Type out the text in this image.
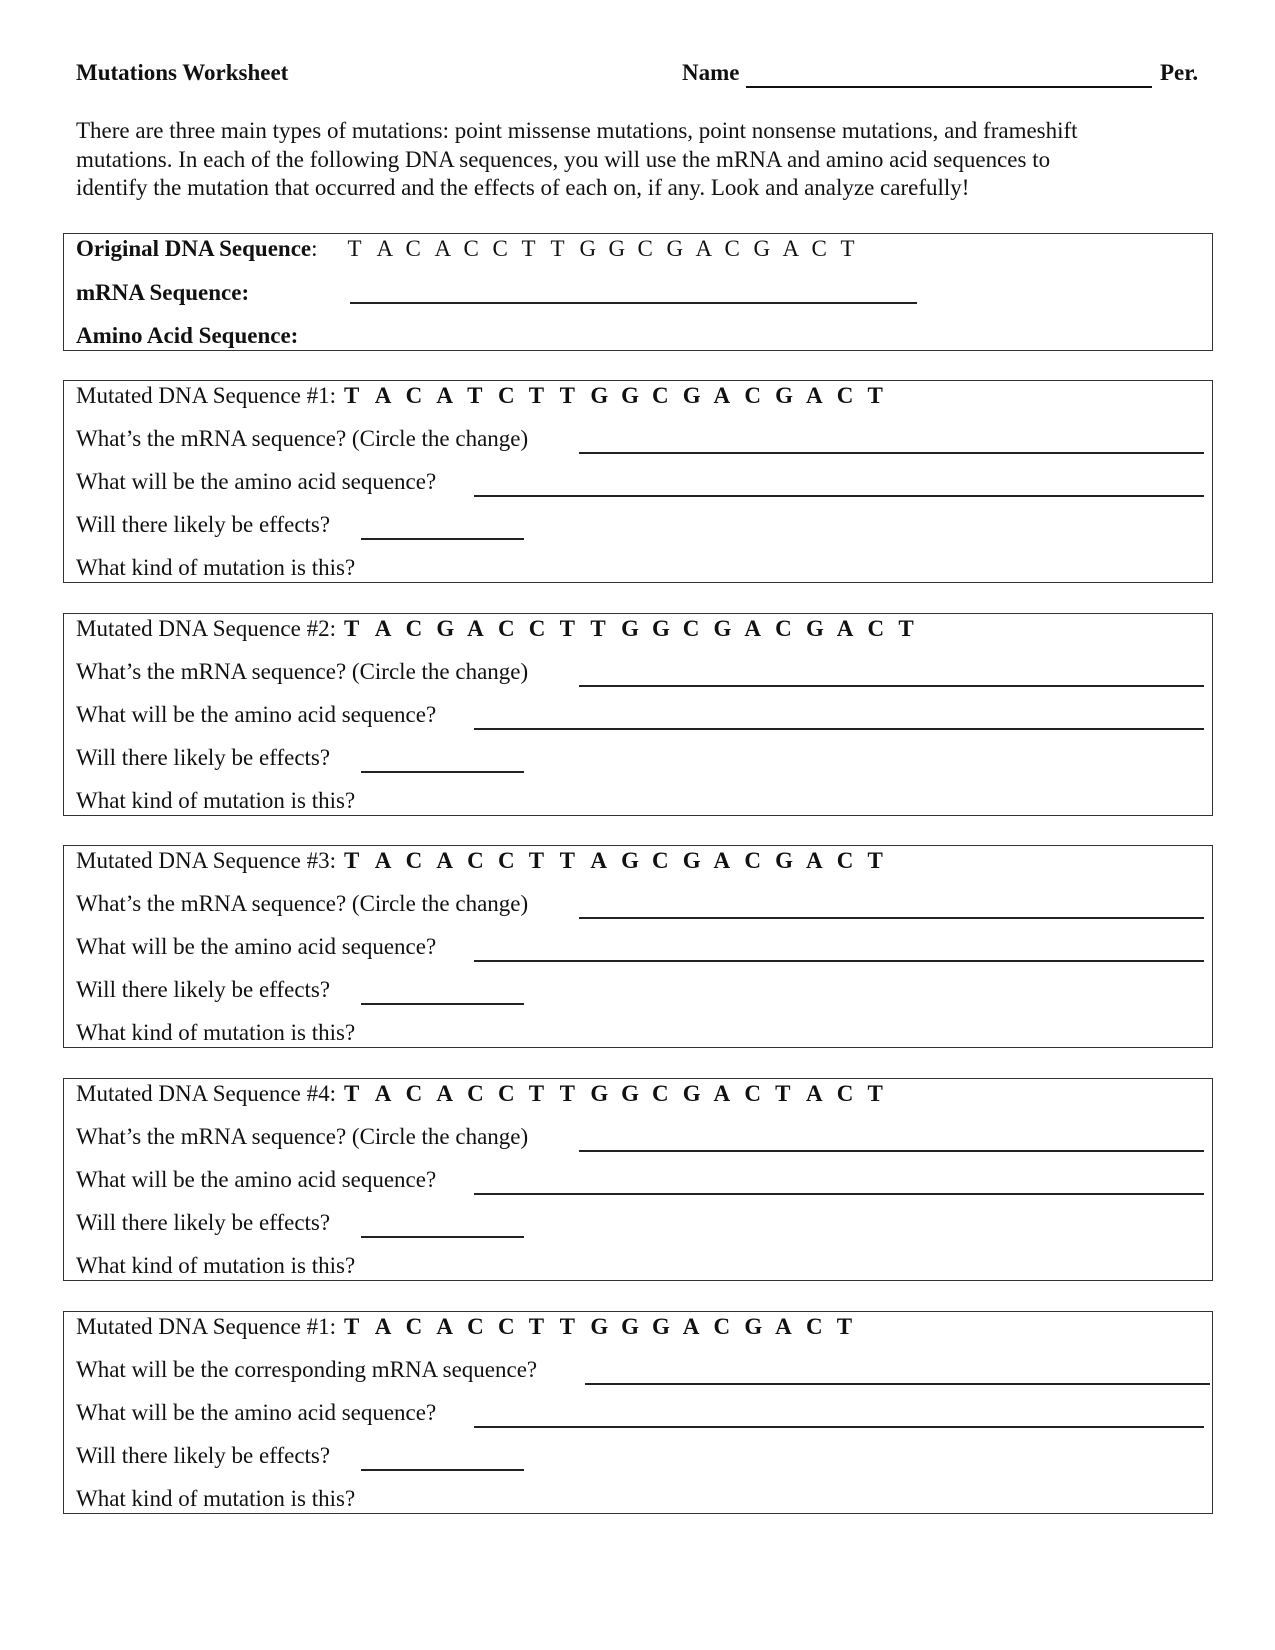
Mutations Worksheet	Name	Per.
There are three main types of mutations: point missense mutations, point nonsense mutations, and frameshift
mutations. In each of the following DNA sequences, you will use the mRNA and amino acid sequences to
identify the mutation that occurred and the effects of each on, if any. Look and analyze carefully!
Original DNA Sequence : T A C A C C T T G G C G A C G A C T
mRNA Sequence:
Amino Acid Sequence:
Mutated DNA Sequence #1: T A C A T C T T G G C G A C G A C T
What’s the mRNA sequence? (Circle the change)
What will be the amino acid sequence?
Will there likely be effects?
What kind of mutation is this?
Mutated DNA Sequence #2: T A C G A C C T T G G C G A C G A C T
What’s the mRNA sequence? (Circle the change)
What will be the amino acid sequence?
Will there likely be effects?
What kind of mutation is this?
Mutated DNA Sequence #3: T A C A C C T T A G C G A C G A C T
What’s the mRNA sequence? (Circle the change)
What will be the amino acid sequence?
Will there likely be effects?
What kind of mutation is this?
Mutated DNA Sequence #4: T A C A C C T T G G C G A C T A C T
What’s the mRNA sequence? (Circle the change)
What will be the amino acid sequence?
Will there likely be effects?
What kind of mutation is this?
Mutated DNA Sequence #1: T A C A C C T T G G G A C G A C T
What will be the corresponding mRNA sequence?
What will be the amino acid sequence?
Will there likely be effects?
What kind of mutation is this?
